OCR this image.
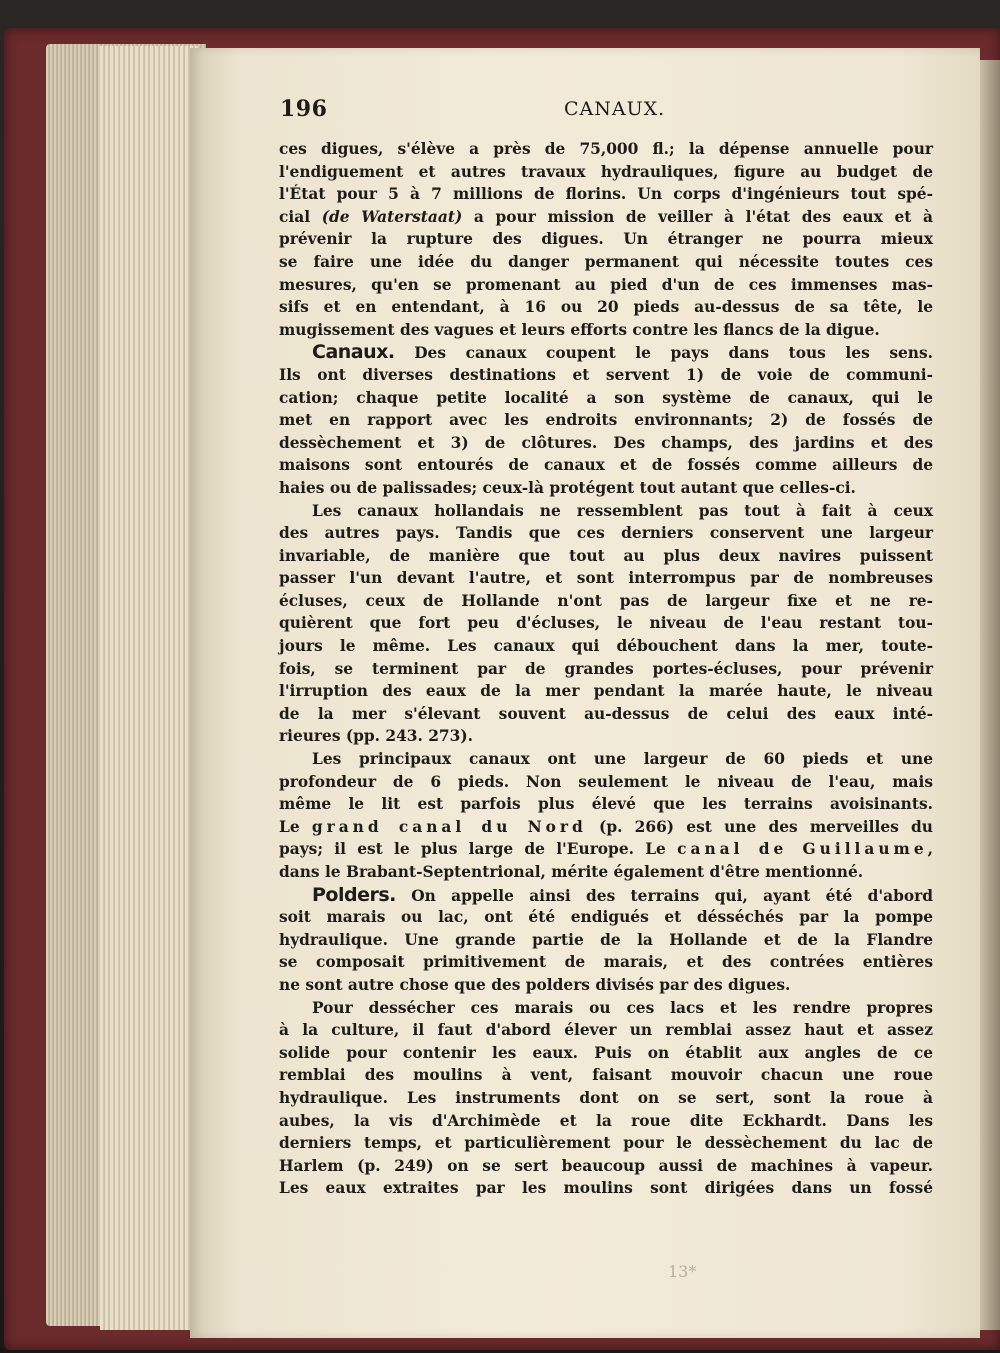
196	CANAUX.
ces digues, s'élève a près de 75,000 fl.; la dépense annuelle pour
l'endiguement et autres travaux hydrauliques, figure au budget de
l'État pour 5 à 7 millions de florins. Un corps d'ingénieurs tout spé-
cial (de Waterstaat) a pour mission de veiller à l'état des eaux et à
prévenir la rupture des digues. Un étranger ne pourra mieux
se faire une idée du danger permanent qui nécessite toutes ces
mesures, qu'en se promenant au pied d'un de ces immenses mas-
sifs et en entendant, à 16 ou 20 pieds au-dessus de sa tête, le
mugissement des vagues et leurs efforts contre les flancs de la digue.
Canaux. Des canaux coupent le pays dans tous les sens.
Ils ont diverses destinations et servent 1) de voie de communi-
cation; chaque petite localité a son système de canaux, qui le
met en rapport avec les endroits environnants; 2) de fossés de
dessèchement et 3) de clôtures. Des champs, des jardins et des
maisons sont entourés de canaux et de fossés comme ailleurs de
haies ou de palissades; ceux-là protégent tout autant que celles-ci.
Les canaux hollandais ne ressemblent pas tout à fait à ceux
des autres pays. Tandis que ces derniers conservent une largeur
invariable, de manière que tout au plus deux navires puissent
passer l'un devant l'autre, et sont interrompus par de nombreuses
écluses, ceux de Hollande n'ont pas de largeur fixe et ne re-
quièrent que fort peu d'écluses, le niveau de l'eau restant tou-
jours le même. Les canaux qui débouchent dans la mer, toute-
fois, se terminent par de grandes portes-écluses, pour prévenir
l'irruption des eaux de la mer pendant la marée haute, le niveau
de la mer s'élevant souvent au-dessus de celui des eaux inté-
rieures (pp. 243. 273).
Les principaux canaux ont une largeur de 60 pieds et une
profondeur de 6 pieds. Non seulement le niveau de l'eau, mais
même le lit est parfois plus élevé que les terrains avoisinants.
Le grand canal du Nord (p. 266) est une des merveilles du
pays; il est le plus large de l'Europe. Le canal de Guillaume,
dans le Brabant-Septentrional, mérite également d'être mentionné.
Polders. On appelle ainsi des terrains qui, ayant été d'abord
soit marais ou lac, ont été endigués et désséchés par la pompe
hydraulique. Une grande partie de la Hollande et de la Flandre
se composait primitivement de marais, et des contrées entières
ne sont autre chose que des polders divisés par des digues.
Pour dessécher ces marais ou ces lacs et les rendre propres
à la culture, il faut d'abord élever un remblai assez haut et assez
solide pour contenir les eaux. Puis on établit aux angles de ce
remblai des moulins à vent, faisant mouvoir chacun une roue
hydraulique. Les instruments dont on se sert, sont la roue à
aubes, la vis d'Archimède et la roue dite Eckhardt. Dans les
derniers temps, et particulièrement pour le dessèchement du lac de
Harlem (p. 249) on se sert beaucoup aussi de machines à vapeur.
Les eaux extraites par les moulins sont dirigées dans un fossé
13*
